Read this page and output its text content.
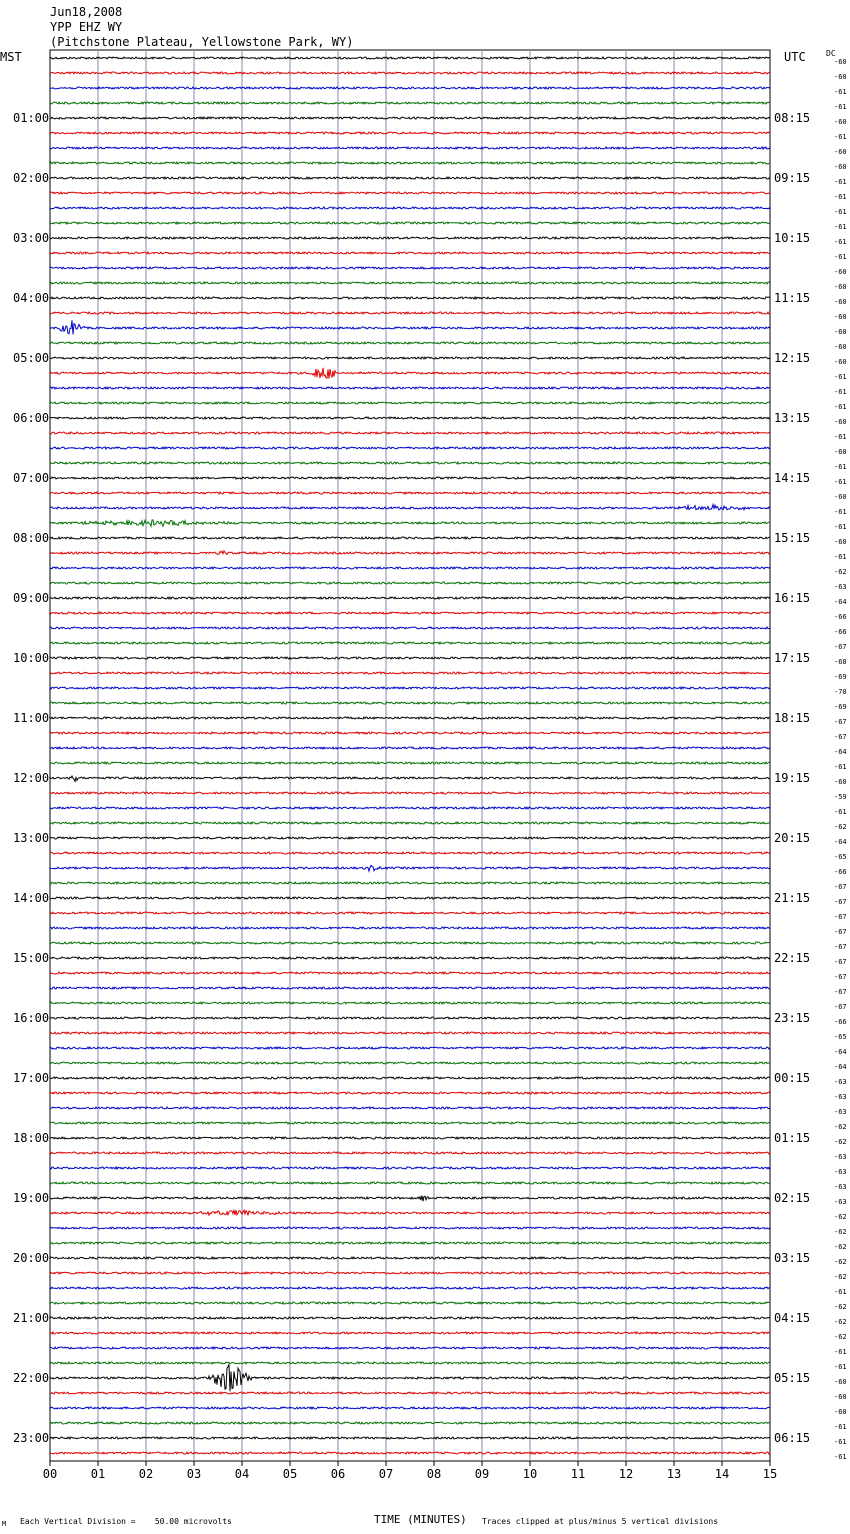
-60
-60
-61
-61
-60
-61
-60
-60
-61
-61
-61
-61
-61
-61
-60
-60
-60
-60
-60
-60
-60
-61
-61
-61
-60
-61
-60
-61
-61
-60
-61
-61
-60
-61
-62
-63
-64
-66
-66
-67
-68
-69
-70
-69
-67
-67
-64
-61
-60
-59
-61
-62
-64
-65
-66
-67
-67
-67
-67
-67
-67
-67
-67
-67
-66
-65
-64
-64
-63
-63
-63
-62
-62
-63
-63
-63
-63
-62
-62
-62
-62
-62
-61
-62
-62
-62
-61
-61
-60
-60
-60
-61
-61
-61
01:00
02:00
03:00
04:00
05:00
06:00
07:00
08:00
09:00
10:00
11:00
12:00
13:00
14:00
15:00
16:00
17:00
18:00
19:00
20:00
21:00
22:00
23:00
08:15
09:15
10:15
11:15
12:15
13:15
14:15
15:15
16:15
17:15
18:15
19:15
20:15
21:15
22:15
23:15
00:15
01:15
02:15
03:15
04:15
05:15
06:15
00	01	02	03	04	05	06	07	08	09	10	11	12	13	14	15
Jun18,2008
YPP EHZ WY
(Pitchstone Plateau, Yellowstone Park, WY)
MST	UTC	DC
M Each Vertical Division =    50.00 microvolts	TIME (MINUTES) Traces clipped at plus/minus 5 vertical divisions
